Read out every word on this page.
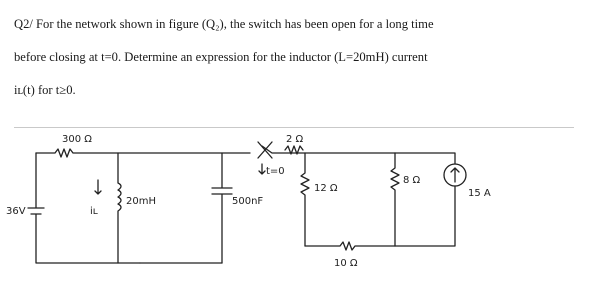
Q2/ For the network shown in figure (Q₂), the switch has been open for a long time
before closing at t=0. Determine an expression for the inductor (L=20mH) current
iʟ(t) for t≥0.

300 Ω	2 Ω
t=0
36V	iʟ
20mH	500nF
12 Ω
8 Ω
10 Ω
15 A
